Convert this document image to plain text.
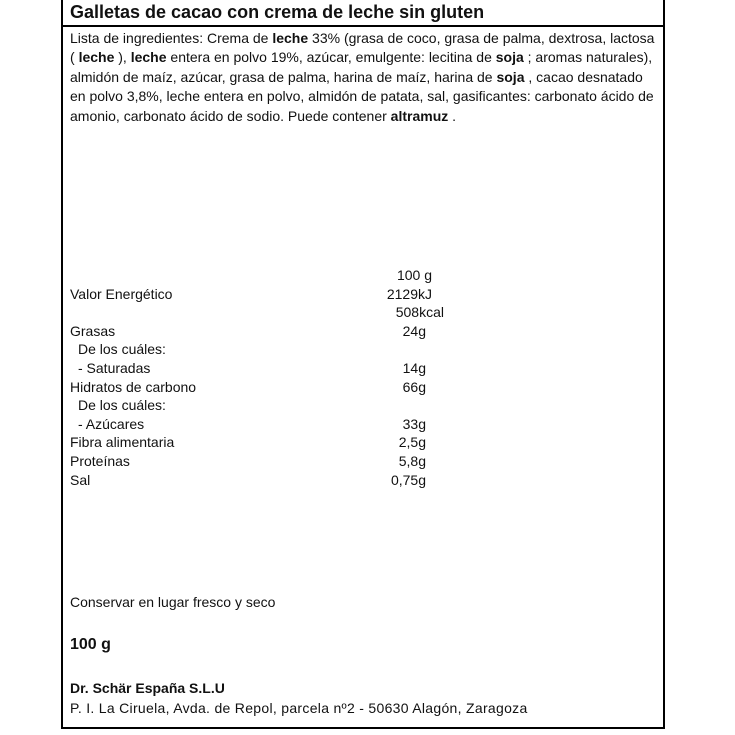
Galletas de cacao con crema de leche sin gluten
Lista de ingredientes: Crema de leche 33% (grasa de coco, grasa de palma, dextrosa, lactosa ( leche ), leche entera en polvo 19%, azúcar, emulgente: lecitina de soja ; aromas naturales), almidón de maíz, azúcar, grasa de palma, harina de maíz, harina de soja , cacao desnatado en polvo 3,8%, leche entera en polvo, almidón de patata, sal, gasificantes: carbonato ácido de amonio, carbonato ácido de sodio. Puede contener altramuz .
100 g
Valor Energético	2129kJ
508kcal
Grasas	24g
De los cuáles:
- Saturadas	14g
Hidratos de carbono	66g
De los cuáles:
- Azúcares	33g
Fibra alimentaria	2,5g
Proteínas	5,8g
Sal	0,75g
Conservar en lugar fresco y seco
100 g
Dr. Schär España S.L.U
P. I. La Ciruela, Avda. de Repol, parcela nº2 - 50630 Alagón, Zaragoza
